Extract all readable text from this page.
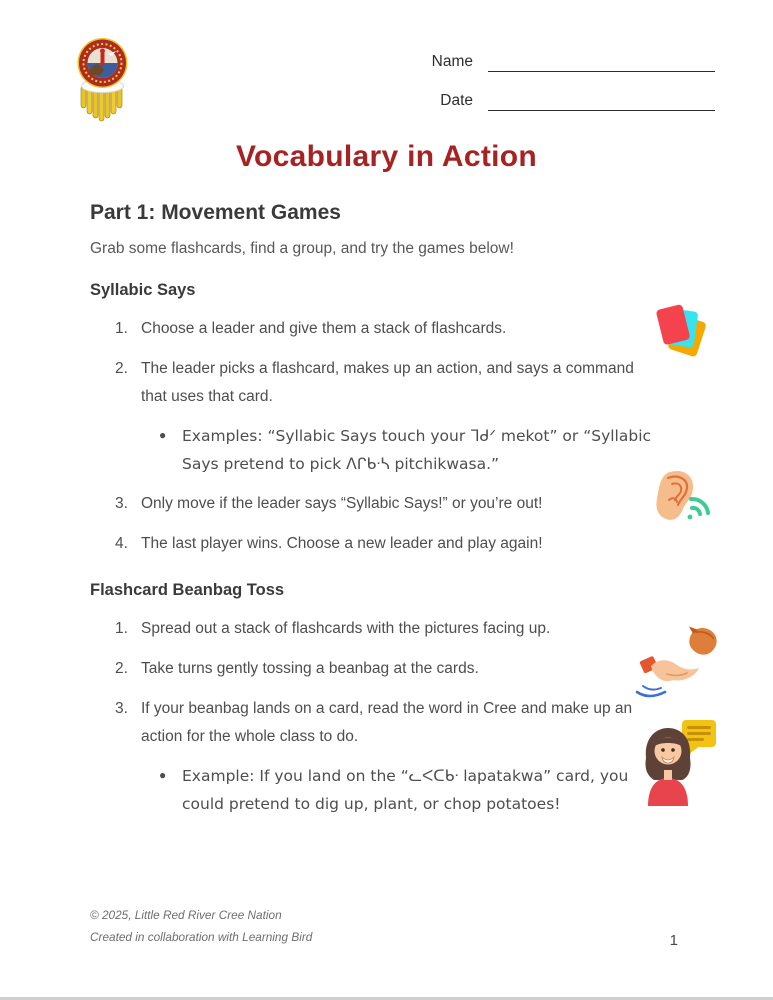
Name
Date
Vocabulary in Action
Part 1: Movement Games
Grab some flashcards, find a group, and try the games below!
Syllabic Says
1. Choose a leader and give them a stack of flashcards.
2. The leader picks a flashcard, makes up an action, and says a command that uses that card.
●	Examples: “Syllabic Says touch your ᒣᑯᐟ mekot” or “Syllabic Says pretend to pick ᐱᒋᑲᐧᓴ pitchikwasa.”
3. Only move if the leader says “Syllabic Says!” or you’re out!
4. The last player wins. Choose a new leader and play again!
Flashcard Beanbag Toss
1. Spread out a stack of flashcards with the pictures facing up.
2. Take turns gently tossing a beanbag at the cards.
3. If your beanbag lands on a card, read the word in Cree and make up an action for the whole class to do.
●	Example: If you land on the “ᓚᐸᑕᑲᐧ lapatakwa” card, you could pretend to dig up, plant, or chop potatoes!
© 2025, Little Red River Cree Nation
Created in collaboration with Learning Bird	1
